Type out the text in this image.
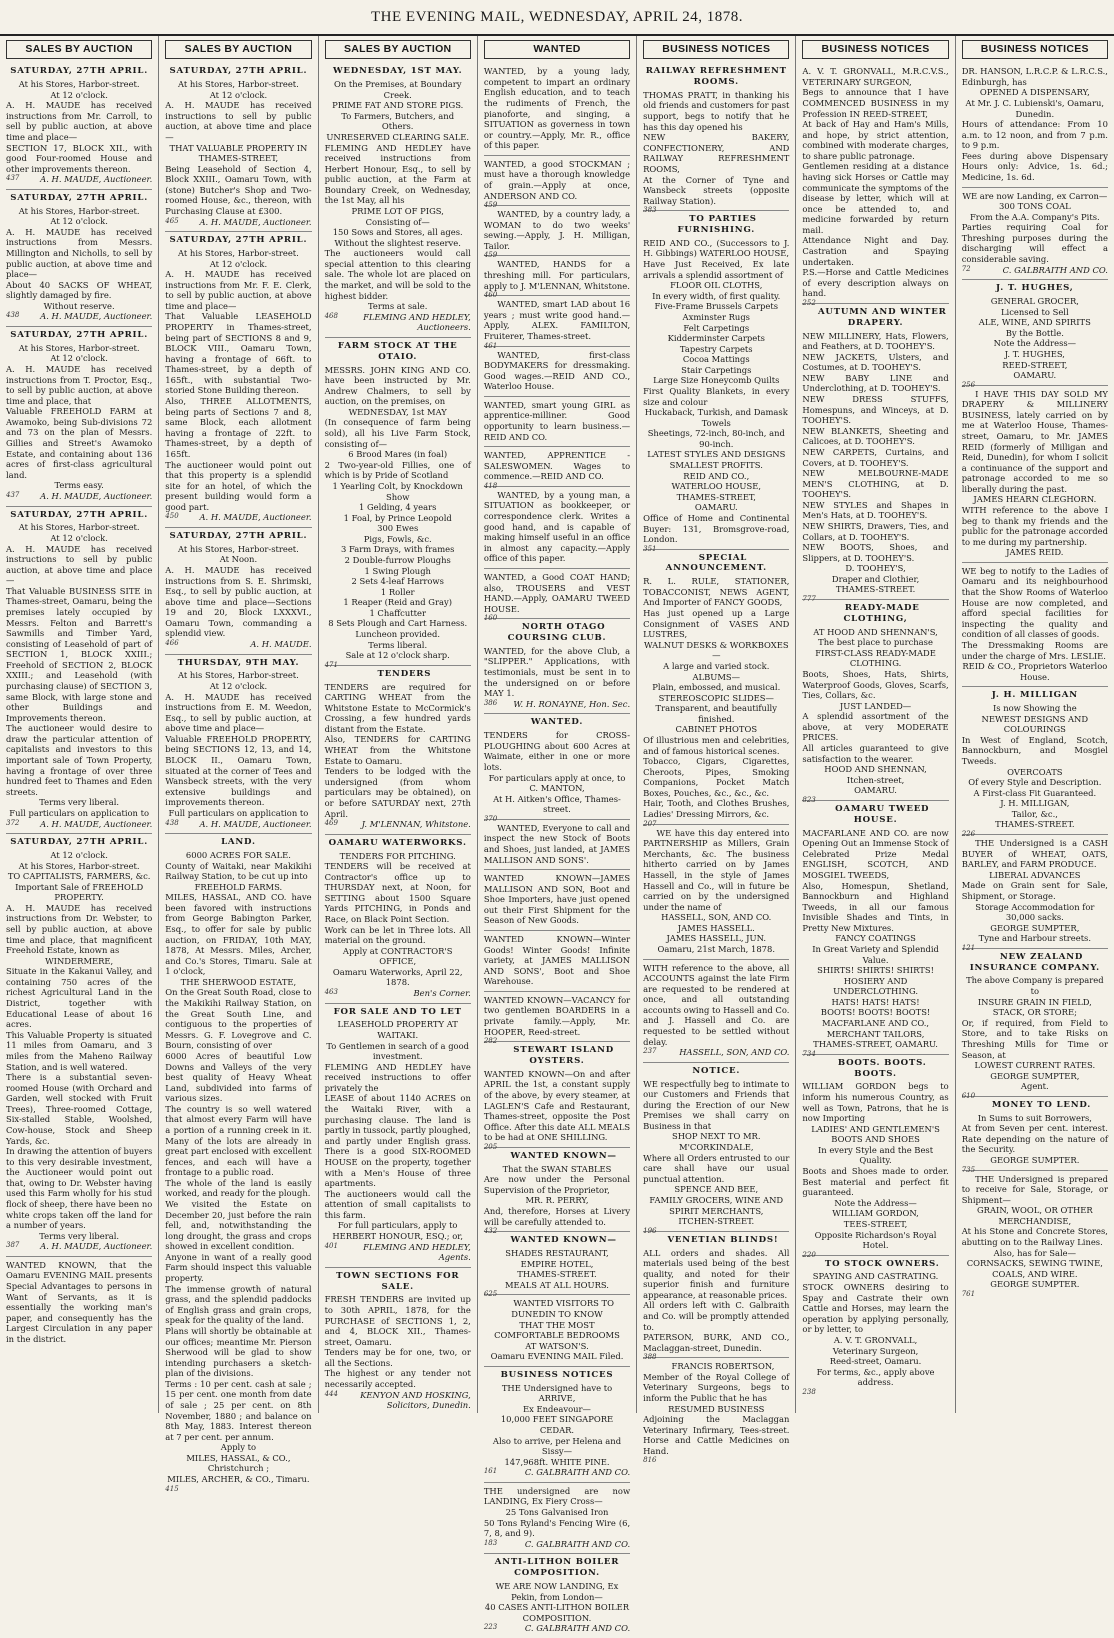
THE EVENING MAIL, WEDNESDAY, APRIL 24, 1878.
SALES BY AUCTION
SATURDAY, 27TH APRIL.
At his Stores, Harbor-street.
At 12 o'clock.
A. H. MAUDE has received instructions from Mr. Carroll, to sell by public auction, at above time and place—
SECTION 17, BLOCK XII., with good Four-roomed House and other improvements thereon.
437 A. H. MAUDE, Auctioneer.
SATURDAY, 27TH APRIL.
At his Stores, Harbor-street.
At 12 o'clock.
A. H. MAUDE has received instructions from Messrs. Millington and Nicholls, to sell by public auction, at above time and place—
About 40 SACKS OF WHEAT, slightly damaged by fire.
Without reserve.
438 A. H. MAUDE, Auctioneer.
SATURDAY, 27TH APRIL.
At his Stores, Harbor-street.
At 12 o'clock.
A. H. MAUDE has received instructions from T. Proctor, Esq., to sell by public auction, at above time and place, that
Valuable FREEHOLD FARM at Awamoko, being Sub-divisions 72 and 73 on the plan of Messrs. Gillies and Street's Awamoko Estate, and containing about 136 acres of first-class agricultural land.
Terms easy.
437 A. H. MAUDE, Auctioneer.
SATURDAY, 27TH APRIL.
At his Stores, Harbor-street.
At 12 o'clock.
A. H. MAUDE has received instructions to sell by public auction, at above time and place—
That Valuable BUSINESS SITE in Thames-street, Oamaru, being the premises lately occupied by Messrs. Felton and Barrett's Sawmills and Timber Yard, consisting of Leasehold of part of SECTION 1, BLOCK XXIII.; Freehold of SECTION 2, BLOCK XXIII.; and Leasehold (with purchasing clause) of SECTION 3, same Block, with large stone and other Buildings and Improvements thereon.
The auctioneer would desire to draw the particular attention of capitalists and investors to this important sale of Town Property, having a frontage of over three hundred feet to Thames and Eden streets.
Terms very liberal.
Full particulars on application to
372 A. H. MAUDE, Auctioneer.
SATURDAY, 27TH APRIL.
At 12 o'clock.
At his Stores, Harbor-street.
TO CAPITALISTS, FARMERS, &c.
Important Sale of FREEHOLD PROPERTY.
A. H. MAUDE has received instructions from Dr. Webster, to sell by public auction, at above time and place, that magnificent Freehold Estate, known as
WINDERMERE,
Situate in the Kakanui Valley, and containing 750 acres of the richest Agricultural Land in the District, together with Educational Lease of about 16 acres.
This Valuable Property is situated 11 miles from Oamaru, and 3 miles from the Maheno Railway Station, and is well watered.
There is a substantial seven-roomed House (with Orchard and Garden, well stocked with Fruit Trees), Three-roomed Cottage, Six-stalled Stable, Woolshed, Cow-house, Stock and Sheep Yards, &c.
In drawing the attention of buyers to this very desirable investment, the Auctioneer would point out that, owing to Dr. Webster having used this Farm wholly for his stud flock of sheep, there have been no white crops taken off the land for a number of years.
Terms very liberal.
387 A. H. MAUDE, Auctioneer.
WANTED KNOWN, that the Oamaru EVENING MAIL presents Special Advantages to persons in Want of Servants, as it is essentially the working man's paper, and consequently has the Largest Circulation in any paper in the district.
SALES BY AUCTION
SATURDAY, 27TH APRIL.
At his Stores, Harbor-street.
At 12 o'clock.
A. H. MAUDE has received instructions to sell by public auction, at above time and place—
THAT VALUABLE PROPERTY IN THAMES-STREET,
Being Leasehold of Section 4, Block XXIII., Oamaru Town, with (stone) Butcher's Shop and Two-roomed House, &c., thereon, with Purchasing Clause at £300.
465 A. H. MAUDE, Auctioneer.
SATURDAY, 27TH APRIL.
At his Stores, Harbor-street.
At 12 o'clock.
A. H. MAUDE has received instructions from Mr. F. E. Clerk, to sell by public auction, at above time and place—
That Valuable LEASEHOLD PROPERTY in Thames-street, being part of SECTIONS 8 and 9, BLOCK VIII., Oamaru Town, having a frontage of 66ft. to Thames-street, by a depth of 165ft., with substantial Two-storied Stone Building thereon.
Also, THREE ALLOTMENTS, being parts of Sections 7 and 8, same Block, each allotment having a frontage of 22ft. to Thames-street, by a depth of 165ft.
The auctioneer would point out that this property is a splendid site for an hotel, of which the present building would form a good part.
450 A. H. MAUDE, Auctioneer.
SATURDAY, 27TH APRIL.
At his Stores, Harbor-street.
At Noon.
A. H. MAUDE has received instructions from S. E. Shrimski, Esq., to sell by public auction, at above time and place—Sections 19 and 20, Block LXXXVI., Oamaru Town, commanding a splendid view.
466	A. H. MAUDE.
THURSDAY, 9TH MAY.
At his Stores, Harbor-street.
At 12 o'clock.
A. H. MAUDE has received instructions from E. M. Weedon, Esq., to sell by public auction, at above time and place—
Valuable FREEHOLD PROPERTY, being SECTIONS 12, 13, and 14, BLOCK II., Oamaru Town, situated at the corner of Tees and Wansbeck streets, with the very extensive buildings and improvements thereon.
Full particulars on application to
438 A. H. MAUDE, Auctioneer.
LAND.
6000 ACRES FOR SALE.
County of Waitaki, near Makikihi Railway Station, to be cut up into
FREEHOLD FARMS.
MILES, HASSAL, AND CO. have been favored with instructions from George Babington Parker, Esq., to offer for sale by public auction, on FRIDAY, 10th MAY, 1878, At Messrs. Miles, Archer, and Co.'s Stores, Timaru. Sale at 1 o'clock,
THE SHERWOOD ESTATE,
On the Great South Road, close to the Makikihi Railway Station, on the Great South Line, and contiguous to the properties of Messrs. G. F. Lovegrove and C. Bourn, consisting of over
6000 Acres of beautiful Low Downs and Valleys of the very best quality of Heavy Wheat Land, subdivided into farms of various sizes.
The country is so well watered that almost every Farm will have a portion of a running creek in it. Many of the lots are already in great part enclosed with excellent fences, and each will have a frontage to a public road.
The whole of the land is easily worked, and ready for the plough.
We visited the Estate on December 20, just before the rain fell, and, notwithstanding the long drought, the grass and crops showed in excellent condition.
Anyone in want of a really good Farm should inspect this valuable property.
The immense growth of natural grass, and the splendid paddocks of English grass and grain crops, speak for the quality of the land.
Plans will shortly be obtainable at our offices; meantime Mr. Pierson Sherwood will be glad to show intending purchasers a sketch-plan of the divisions.
Terms : 10 per cent. cash at sale ; 15 per cent. one month from date of sale ; 25 per cent. on 8th November, 1880 ; and balance on 8th May, 1883. Interest thereon at 7 per cent. per annum.
Apply to
MILES, HASSAL, & CO., Christchurch ;
MILES, ARCHER, & CO., Timaru.
415
SALES BY AUCTION
WEDNESDAY, 1ST MAY.
On the Premises, at Boundary Creek.
PRIME FAT AND STORE PIGS.
To Farmers, Butchers, and Others.
UNRESERVED CLEARING SALE.
FLEMING AND HEDLEY have received instructions from Herbert Honour, Esq., to sell by public auction, at the Farm at Boundary Creek, on Wednesday, the 1st May, all his
PRIME LOT OF PIGS,
Consisting of—
150 Sows and Stores, all ages.
Without the slightest reserve.
The auctioneers would call special attention to this clearing sale. The whole lot are placed on the market, and will be sold to the highest bidder.
Terms at sale.
468	FLEMING AND HEDLEY, Auctioneers.
FARM STOCK AT THE OTAIO.
MESSRS. JOHN KING AND CO. have been instructed by Mr. Andrew Chalmers, to sell by auction, on the premises, on
WEDNESDAY, 1st MAY
(In consequence of farm being sold), all his Live Farm Stock, consisting of—
6 Brood Mares (in foal)
2 Two-year-old Fillies, one of which is by Pride of Scotland
1 Yearling Colt, by Knockdown
Show
1 Gelding, 4 years
1 Foal, by Prince Leopold
300 Ewes
Pigs, Fowls, &c.
3 Farm Drays, with frames
2 Double-furrow Ploughs
1 Swing Plough
2 Sets 4-leaf Harrows
1 Roller
1 Reaper (Reid and Gray)
1 Chaffcutter
8 Sets Plough and Cart Harness.
Luncheon provided.
Terms liberal.
Sale at 12 o'clock sharp.
471
TENDERS
TENDERS are required for CARTING WHEAT from the Whitstone Estate to McCormick's Crossing, a few hundred yards distant from the Estate.
Also, TENDERS for CARTING WHEAT from the Whitstone Estate to Oamaru.
Tenders to be lodged with the undersigned (from whom particulars may be obtained), on or before SATURDAY next, 27th April.
469	J. M'LENNAN, Whitstone.
OAMARU WATERWORKS.
TENDERS FOR PITCHING.
TENDERS will be received at Contractor's office up to THURSDAY next, at Noon, for SETTING about 1500 Square Yards PITCHING, in Ponds and Race, on Black Point Section.
Work can be let in Three lots. All material on the ground.
Apply at CONTRACTOR'S OFFICE,
Oamaru Waterworks, April 22, 1878.
463	Ben's Corner.
FOR SALE AND TO LET
LEASEHOLD PROPERTY AT WAITAKI.
To Gentlemen in search of a good investment.
FLEMING AND HEDLEY have received instructions to offer privately the
LEASE of about 1140 ACRES on the Waitaki River, with a purchasing clause. The land is partly in tussock, partly ploughed, and partly under English grass. There is a good SIX-ROOMED HOUSE on the property, together with a Men's House of three apartments.
The auctioneers would call the attention of small capitalists to this farm.
For full particulars, apply to
HERBERT HONOUR, ESQ.; or,
401	FLEMING AND HEDLEY, Agents.
TOWN SECTIONS FOR SALE.
FRESH TENDERS are invited up to 30th APRIL, 1878, for the PURCHASE of SECTIONS 1, 2, and 4, BLOCK XII., Thames-street, Oamaru.
Tenders may be for one, two, or all the Sections.
The highest or any tender not necessarily accepted.
444	KENYON AND HOSKING, Solicitors, Dunedin.
WANTED
WANTED, by a young lady, competent to impart an ordinary English education, and to teach the rudiments of French, the pianoforte, and singing, a SITUATION as governess in town or country.—Apply, Mr. R., office of this paper.
WANTED, a good STOCKMAN ; must have a thorough knowledge of grain.—Apply at once, ANDERSON AND CO.
459
WANTED, by a country lady, a WOMAN to do two weeks' sewing.—Apply, J. H. Milligan, Tailor.
459
WANTED, HANDS for a threshing mill. For particulars, apply to J. M'LENNAN, Whitstone.
460
WANTED, smart LAD about 16 years ; must write good hand.—Apply, ALEX. FAMILTON, Fruiterer, Thames-street.
461
WANTED, first-class BODYMAKERS for dressmaking. Good wages.—REID AND CO., Waterloo House.
WANTED, smart young GIRL as apprentice-milliner. Good opportunity to learn business.—REID AND CO.
WANTED, APPRENTICE - SALESWOMEN. Wages to commence.—REID AND CO.
418
WANTED, by a young man, a SITUATION as bookkeeper, or correspondence clerk. Writes a good hand, and is capable of making himself useful in an office in almost any capacity.—Apply office of this paper.
WANTED, a Good COAT HAND; also, TROUSERS and VEST HAND.—Apply, OAMARU TWEED HOUSE.
160
NORTH OTAGO COURSING CLUB.
WANTED, for the above Club, a "SLIPPER." Applications, with testimonials, must be sent in to the undersigned on or before MAY 1.
386 W. H. RONAYNE, Hon. Sec.
WANTED.
TENDERS for CROSS-PLOUGHING about 600 Acres at Waimate, either in one or more lots.
For particulars apply at once, to
C. MANTON,
At H. Aitken's Office, Thames-street.
370
WANTED, Everyone to call and inspect the new Stock of Boots and Shoes, just landed, at JAMES MALLISON AND SONS'.
WANTED KNOWN—JAMES MALLISON AND SON, Boot and Shoe Importers, have just opened out their First Shipment for the Season of New Goods.
WANTED KNOWN—Winter Goods! Winter Goods! Infinite variety, at JAMES MALLISON AND SONS', Boot and Shoe Warehouse.
WANTED KNOWN—VACANCY for two gentlemen BOARDERS in a private family.—Apply, Mr. HOOPER, Reed-street.
282
STEWART ISLAND OYSTERS.
WANTED KNOWN—On and after APRIL the 1st, a constant supply of the above, by every steamer, at LAGLEN'S Cafe and Restaurant, Thames-street, opposite the Post Office. After this date ALL MEALS to be had at ONE SHILLING.
205
WANTED KNOWN—
That the SWAN STABLES
Are now under the Personal Supervision of the Proprietor,
MR. R. PERRY,
And, therefore, Horses at Livery will be carefully attended to.
432
WANTED KNOWN—
SHADES RESTAURANT,
EMPIRE HOTEL,
THAMES-STREET.
MEALS AT ALL HOURS.
625
WANTED VISITORS TO DUNEDIN TO KNOW
THAT THE MOST COMFORTABLE BEDROOMS
AT WATSON'S.
Oamaru EVENING MAIL Filed.
BUSINESS NOTICES
THE Undersigned have to ARRIVE,
Ex Endeavour—
10,000 FEET SINGAPORE CEDAR.
Also to arrive, per Helena and Sissy—
147,968ft. WHITE PINE.
161	C. GALBRAITH AND CO.
THE undersigned are now LANDING, Ex Fiery Cross—
25 Tons Galvanised Iron
50 Tons Ryland's Fencing Wire (6, 7, 8, and 9).
183	C. GALBRAITH AND CO.
ANTI-LITHON BOILER COMPOSITION.
WE ARE NOW LANDING, Ex Pekin, from London—
40 CASES ANTI-LITHON BOILER COMPOSITION.
223	C. GALBRAITH AND CO.
BUSINESS NOTICES
RAILWAY REFRESHMENT ROOMS.
THOMAS PRATT, in thanking his old friends and customers for past support, begs to notify that he has this day opened his
NEW BAKERY, CONFECTIONERY, AND RAILWAY REFRESHMENT ROOMS,
At the Corner of Tyne and Wansbeck streets (opposite Railway Station).
383
TO PARTIES FURNISHING.
REID AND CO., (Successors to J. H. Gibbings) WATERLOO HOUSE,
Have Just Received, Ex late arrivals a splendid assortment of
FLOOR OIL CLOTHS,
In every width, of first quality.
Five-Frame Brussels Carpets
Axminster Rugs
Felt Carpetings
Kidderminster Carpets
Tapestry Carpets
Cocoa Mattings
Stair Carpetings
Large Size Honeycomb Quilts
First Quality Blankets, in every size and colour
Huckaback, Turkish, and Damask Towels
Sheetings, 72-inch, 80-inch, and 90-inch.
LATEST STYLES AND DESIGNS
SMALLEST PROFITS.
REID AND CO.,
WATERLOO HOUSE,
THAMES-STREET,
OAMARU.
Office of Home and Continental Buyer: 131, Bromsgrove-road, London.
351
SPECIAL ANNOUNCEMENT.
R. L. RULE, STATIONER, TOBACCONIST, NEWS AGENT, And Importer of FANCY GOODS,
Has just opened up a Large Consignment of VASES AND LUSTRES,
WALNUT DESKS & WORKBOXES—
A large and varied stock.
ALBUMS—
Plain, embossed, and musical.
STEREOSCOPIC SLIDES—
Transparent, and beautifully finished.
CABINET PHOTOS
Of illustrious men and celebrities, and of famous historical scenes.
Tobacco, Cigars, Cigarettes, Cheroots, Pipes, Smoking Companions, Pocket Match Boxes, Pouches, &c., &c., &c.
Hair, Tooth, and Clothes Brushes, Ladies' Dressing Mirrors, &c.
207
WE have this day entered into PARTNERSHIP as Millers, Grain Merchants, &c. The business hitherto carried on by James Hassell, in the style of James Hassell and Co., will in future be carried on by the undersigned under the name of
HASSELL, SON, AND CO.
JAMES HASSELL.
JAMES HASSELL, JUN.
Oamaru, 21st March, 1878.
WITH reference to the above, all ACCOUNTS against the late Firm are requested to be rendered at once, and all outstanding accounts owing to Hassell and Co. and J. Hassell and Co. are requested to be settled without delay.
237	HASSELL, SON, AND CO.
NOTICE.
WE respectfully beg to intimate to our Customers and Friends that during the Erection of our New Premises we shall carry on Business in that
SHOP NEXT TO MR. M'CORKINDALE,
Where all Orders entrusted to our care shall have our usual punctual attention.
SPENCE AND BEE,
FAMILY GROCERS, WINE AND SPIRIT MERCHANTS,
ITCHEN-STREET.
196
VENETIAN BLINDS!
ALL orders and shades. All materials used being of the best quality, and noted for their superior finish and furniture appearance, at reasonable prices.
All orders left with C. Galbraith and Co. will be promptly attended to.
PATERSON, BURK, AND CO., Maclaggan-street, Dunedin.
388
FRANCIS ROBERTSON,
Member of the Royal College of Veterinary Surgeons, begs to inform the Public that he has
RESUMED BUSINESS
Adjoining the Maclaggan Veterinary Infirmary, Tees-street. Horse and Cattle Medicines on Hand.
816
BUSINESS NOTICES
A. V. T. GRONVALL, M.R.C.V.S., VETERINARY SURGEON,
Begs to announce that I have COMMENCED BUSINESS in my Profession IN REED-STREET,
At back of Hay and Ham's Mills, and hope, by strict attention, combined with moderate charges, to share public patronage.
Gentlemen residing at a distance having sick Horses or Cattle may communicate the symptoms of the disease by letter, which will at once be attended to, and medicine forwarded by return mail.
Attendance Night and Day. Castration and Spaying undertaken.
P.S.—Horse and Cattle Medicines of every description always on hand.
252
AUTUMN AND WINTER DRAPERY.
NEW MILLINERY, Hats, Flowers, and Feathers, at D. TOOHEY'S.
NEW JACKETS, Ulsters, and Costumes, at D. TOOHEY'S.
NEW BABY LINE and Underclothing, at D. TOOHEY'S.
NEW DRESS STUFFS, Homespuns, and Winceys, at D. TOOHEY'S.
NEW BLANKETS, Sheeting and Calicoes, at D. TOOHEY'S.
NEW CARPETS, Curtains, and Covers, at D. TOOHEY'S.
NEW MELBOURNE-MADE MEN'S CLOTHING, at D. TOOHEY'S.
NEW STYLES and Shapes in Men's Hats, at D. TOOHEY'S.
NEW SHIRTS, Drawers, Ties, and Collars, at D. TOOHEY'S.
NEW BOOTS, Shoes, and Slippers, at D. TOOHEY'S.
D. TOOHEY'S,
Draper and Clothier,
THAMES-STREET.
777
READY-MADE CLOTHING,
AT HOOD AND SHENNAN'S,
The best place to purchase
FIRST-CLASS READY-MADE CLOTHING.
Boots, Shoes, Hats, Shirts, Waterproof Goods, Gloves, Scarfs, Ties, Collars, &c.
JUST LANDED—
A splendid assortment of the above, at very MODERATE PRICES.
All articles guaranteed to give satisfaction to the wearer.
HOOD AND SHENNAN,
Itchen-street,
OAMARU.
823
OAMARU TWEED HOUSE.
MACFARLANE AND CO. are now Opening Out an Immense Stock of Celebrated Prize Medal ENGLISH, SCOTCH, AND MOSGIEL TWEEDS,
Also, Homespun, Shetland, Bannockburn and Highland Tweeds, in all our famous Invisible Shades and Tints, in Pretty New Mixtures.
FANCY COATINGS
In Great Variety and Splendid Value.
SHIRTS! SHIRTS! SHIRTS!
HOSIERY AND UNDERCLOTHING.
HATS! HATS! HATS!
BOOTS! BOOTS! BOOTS!
MACFARLANE AND CO.,
MERCHANT TAILORS,
THAMES-STREET, OAMARU.
734
BOOTS. BOOTS. BOOTS.
WILLIAM GORDON begs to inform his numerous Country, as well as Town, Patrons, that he is now Importing
LADIES' AND GENTLEMEN'S BOOTS AND SHOES
In every Style and the Best Quality.
Boots and Shoes made to order. Best material and perfect fit guaranteed.
Note the Address—
WILLIAM GORDON,
TEES-STREET,
Opposite Richardson's Royal Hotel.
220
TO STOCK OWNERS.
SPAYING AND CASTRATING.
STOCK OWNERS desiring to Spay and Castrate their own Cattle and Horses, may learn the operation by applying personally, or by letter, to
A. V. T. GRONVALL,
Veterinary Surgeon,
Reed-street, Oamaru.
For terms, &c., apply above address.
238
BUSINESS NOTICES
DR. HANSON, L.R.C.P. & L.R.C.S., Edinburgh, has
OPENED A DISPENSARY,
At Mr. J. C. Lubienski's, Oamaru, Dunedin.
Hours of attendance: From 10 a.m. to 12 noon, and from 7 p.m. to 9 p.m.
Fees during above Dispensary Hours only: Advice, 1s. 6d.; Medicine, 1s. 6d.
WE are now Landing, ex Carron—
300 TONS COAL
From the A.A. Company's Pits.
Parties requiring Coal for Threshing purposes during the discharging will effect a considerable saving.
72	C. GALBRAITH AND CO.
J. T. HUGHES,
GENERAL GROCER,
Licensed to Sell
ALE, WINE, AND SPIRITS
By the Bottle.
Note the Address—
J. T. HUGHES,
REED-STREET,
OAMARU.
256
I HAVE THIS DAY SOLD MY DRAPERY & MILLINERY BUSINESS, lately carried on by me at Waterloo House, Thames-street, Oamaru, to Mr. JAMES REID (formerly of Milligan and Reid, Dunedin), for whom I solicit a continuance of the support and patronage accorded to me so liberally during the past.
JAMES HEARN CLEGHORN.
WITH reference to the above I beg to thank my friends and the public for the patronage accorded to me during my partnership.
JAMES REID.
WE beg to notify to the Ladies of Oamaru and its neighbourhood that the Show Rooms of Waterloo House are now completed, and afford special facilities for inspecting the quality and condition of all classes of goods.
The Dressmaking Rooms are under the charge of Mrs. LESLIE.
REID & CO., Proprietors Waterloo House.
J. H. MILLIGAN
Is now Showing the
NEWEST DESIGNS AND COLOURINGS
In West of England, Scotch, Bannockburn, and Mosgiel Tweeds.
OVERCOATS
Of every Style and Description.
A First-class Fit Guaranteed.
J. H. MILLIGAN,
Tailor, &c.,
THAMES-STREET.
226
THE Undersigned is a CASH BUYER of WHEAT, OATS, BARLEY, and FARM PRODUCE.
LIBERAL ADVANCES
Made on Grain sent for Sale, Shipment, or Storage.
Storage Accommodation for 30,000 sacks.
GEORGE SUMPTER,
Tyne and Harbour streets.
121
NEW ZEALAND INSURANCE COMPANY.
The above Company is prepared to
INSURE GRAIN IN FIELD, STACK, OR STORE;
Or, if required, from Field to Store, and to take Risks on Threshing Mills for Time or Season, at
LOWEST CURRENT RATES.
GEORGE SUMPTER,
Agent.
610
MONEY TO LEND.
In Sums to suit Borrowers,
At from Seven per cent. interest. Rate depending on the nature of the Security.
GEORGE SUMPTER.
735
THE Undersigned is prepared to receive for Sale, Storage, or Shipment—
GRAIN, WOOL, OR OTHER MERCHANDISE,
At his Stone and Concrete Stores, abutting on to the Railway Lines.
Also, has for Sale—
CORNSACKS, SEWING TWINE, COALS, AND WIRE.
GEORGE SUMPTER.
761
